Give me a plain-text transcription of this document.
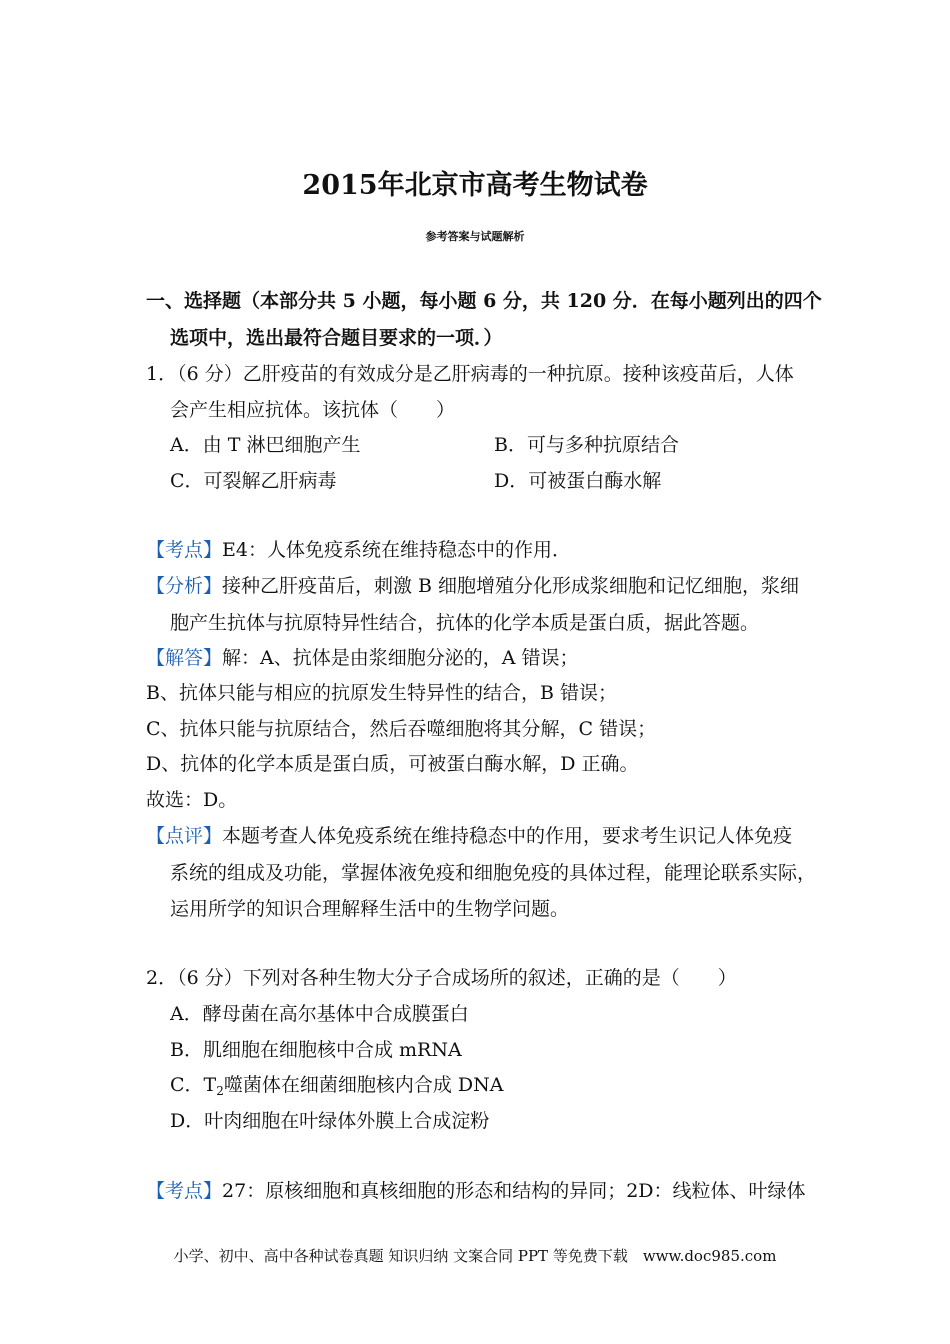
2015年北京市高考生物试卷
参考答案与试题解析
一、选择题（本部分共 5 小题，每小题 6 分，共 120 分．在每小题列出的四个
选项中，选出最符合题目要求的一项．）
1．（6 分）乙肝疫苗的有效成分是乙肝病毒的一种抗原。接种该疫苗后，人体
会产生相应抗体。该抗体（　　）
A．由 T 淋巴细胞产生	B．可与多种抗原结合
C．可裂解乙肝病毒	D．可被蛋白酶水解
【考点】E4：人体免疫系统在维持稳态中的作用．
【分析】接种乙肝疫苗后，刺激 B 细胞增殖分化形成浆细胞和记忆细胞，浆细
胞产生抗体与抗原特异性结合，抗体的化学本质是蛋白质，据此答题。
【解答】解：A、抗体是由浆细胞分泌的，A 错误；
B、抗体只能与相应的抗原发生特异性的结合，B 错误；
C、抗体只能与抗原结合，然后吞噬细胞将其分解，C 错误；
D、抗体的化学本质是蛋白质，可被蛋白酶水解，D 正确。
故选：D。
【点评】本题考查人体免疫系统在维持稳态中的作用，要求考生识记人体免疫
系统的组成及功能，掌握体液免疫和细胞免疫的具体过程，能理论联系实际，
运用所学的知识合理解释生活中的生物学问题。
2．（6 分）下列对各种生物大分子合成场所的叙述，正确的是（　　）
A．酵母菌在高尔基体中合成膜蛋白
B．肌细胞在细胞核中合成 mRNA
C．$T_2$噬菌体在细菌细胞核内合成 DNA
D．叶肉细胞在叶绿体外膜上合成淀粉
【考点】27：原核细胞和真核细胞的形态和结构的异同；2D：线粒体、叶绿体
小学、初中、高中各种试卷真题 知识归纳 文案合同 PPT 等免费下载　www.doc985.com
